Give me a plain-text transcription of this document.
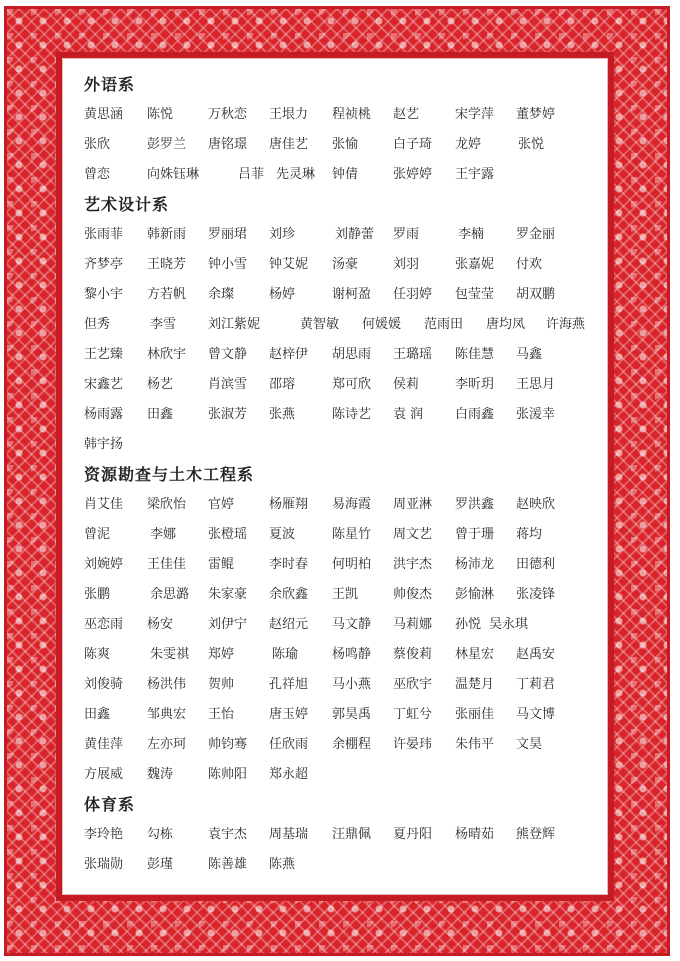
外语系
黄思涵 陈悦	万秋恋 王垠力 程祯桃 赵艺	宋学萍 董梦婷
张欣	彭罗兰 唐铭璟 唐佳艺 张愉	白子琦 龙婷	张悦
曾恋	向姝钰琳	吕菲 先灵琳 钟倩	张婷婷 王宇露
艺术设计系
张雨菲 韩新雨 罗丽珺 刘珍	刘静蕾 罗雨	李楠 罗金丽
齐梦亭 王晓芳 钟小雪 钟艾妮 汤豪	刘羽	张嘉妮 付欢
黎小宇 方若帆 余璨	杨婷	谢柯盈 任羽婷 包莹莹 胡双鹏
但秀	李雪 刘江紫妮	黄智敏 何媛媛 范雨田 唐均凤 许海燕
王艺臻 林欣宇 曾文静 赵梓伊 胡思雨 王璐瑶 陈佳慧 马鑫
宋鑫艺 杨艺	肖滨雪 邵瑢	郑可欣 侯莉	李昕玥 王思月
杨雨露 田鑫	张淑芳 张燕	陈诗艺 袁 润 白雨鑫 张湲幸
韩宇扬
资源勘查与土木工程系
肖艾佳 梁欣怡 官婷	杨雁翔 易海霞 周亚淋 罗洪鑫 赵映欣
曾泥	李娜 张橙瑶 夏波	陈星竹 周文艺 曾于珊 蒋均
刘婉婷 王佳佳 雷鲲	李时春 何明柏 洪宇杰 杨沛龙 田德利
张鹏	余思潞 朱家豪 余欣鑫 王凯	帅俊杰 彭愉淋 张凌锋
巫恋雨 杨安	刘伊宁 赵绍元 马文静 马莉娜 孙悦 吴永琪
陈爽	朱雯祺 郑婷	陈瑜	杨鸣静 蔡俊莉 林星宏 赵禹安
刘俊骑 杨洪伟 贺帅	孔祥旭 马小燕 巫欣宇 温楚月 丁莉君
田鑫	邹典宏 王怡	唐玉婷 郭昊禹 丁虹兮 张丽佳 马文博
黄佳萍 左亦珂 帅钧骞 任欣雨 余棚程 许晏玮 朱伟平 文昊
方展威 魏涛	陈帅阳 郑永超
体育系
李玲艳 勾栋	袁宇杰 周基瑞 汪鼎佩 夏丹阳 杨晴茹 熊登辉
张瑞勋 彭瑾	陈善雄 陈燕
